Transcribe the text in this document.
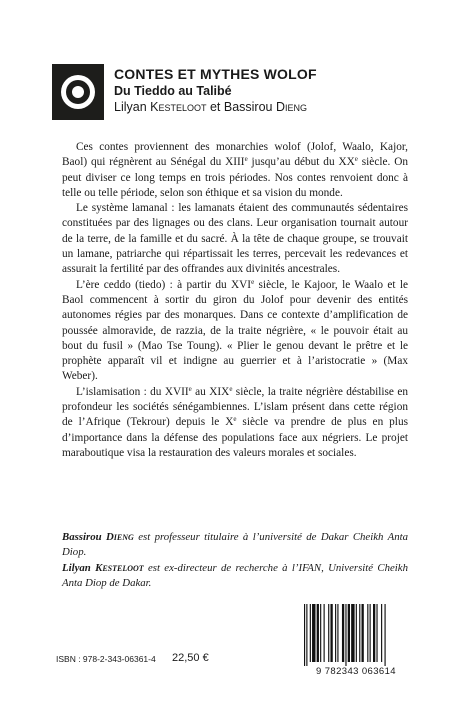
CONTES ET MYTHES WOLOF
Du Tieddo au Talibé
Lilyan Kesteloot et Bassirou Dieng

Ces contes proviennent des monarchies wolof (Jolof, Waalo, Kajor, Baol) qui régnèrent au Sénégal du XIIIe jusqu’au début du XXe siècle. On peut diviser ce long temps en trois périodes. Nos contes renvoient donc à telle ou telle période, selon son éthique et sa vision du monde.

Le système lamanal : les lamanats étaient des communautés sédentaires constituées par des lignages ou des clans. Leur organisation tournait autour de la terre, de la famille et du sacré. À la tête de chaque groupe, se trouvait un lamane, patriarche qui répartissait les terres, percevait les redevances et assurait la fertilité par des offrandes aux divinités ancestrales.

L’ère ceddo (tiedo) : à partir du XVIe siècle, le Kajoor, le Waalo et le Baol commencent à sortir du giron du Jolof pour devenir des entités autonomes régies par des monarques. Dans ce contexte d’amplification de poussée almoravide, de razzia, de la traite négrière, « le pouvoir était au bout du fusil » (Mao Tse Toung). « Plier le genou devant le prêtre et le prophète apparaît vil et indigne au guerrier et à l’aristocratie » (Max Weber).

L’islamisation : du XVIIe au XIXe siècle, la traite négrière déstabilise en profondeur les sociétés sénégambiennes. L’islam présent dans cette région de l’Afrique (Tekrour) depuis le Xe siècle va prendre de plus en plus d’importance dans la défense des populations face aux négriers. Le projet maraboutique visa la restauration des valeurs morales et sociales.

Bassirou Dieng est professeur titulaire à l’université de Dakar Cheikh Anta Diop.
Lilyan Kesteloot est ex-directeur de recherche à l’IFAN, Université Cheikh Anta Diop de Dakar.
ISBN : 978-2-343-06361-4 22,50 €
9 782343 063614
